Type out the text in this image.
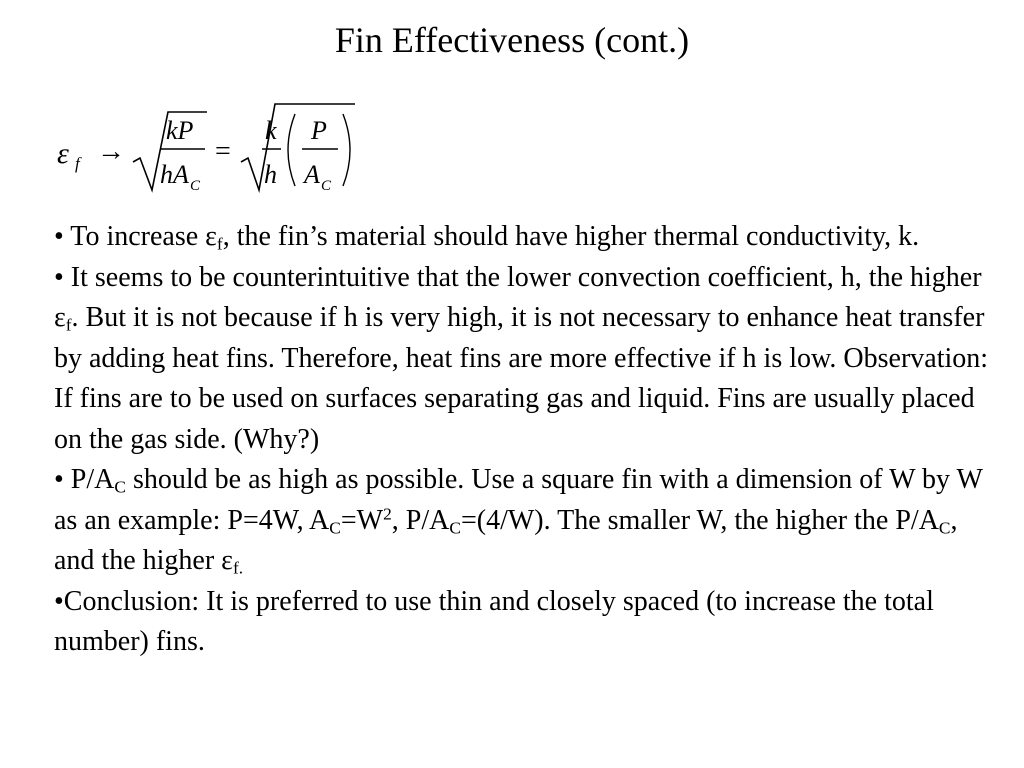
Fin Effectiveness (cont.)
ε f →
kP
hA C
=
k
h
P
A C

• To increase $\varepsilon_f$, the fin’s material should have higher thermal conductivity, k.

• It seems to be counterintuitive that the lower convection coefficient, h, the higher $\varepsilon_f$. But it is not because if h is very high, it is not necessary to enhance heat transfer by adding heat fins. Therefore, heat fins are more effective if h is low. Observation: If fins are to be used on surfaces separating gas and liquid. Fins are usually placed on the gas side. (Why?)

• $P/A_C$ should be as high as possible. Use a square fin with a dimension of W by W as an example: P=4W, $A_C=W^2$, $P/A_C=(4/W)$. The smaller W, the higher the $P/A_C$, and the higher $\varepsilon_{f.}$

•Conclusion: It is preferred to use thin and closely spaced (to increase the total number) fins.
